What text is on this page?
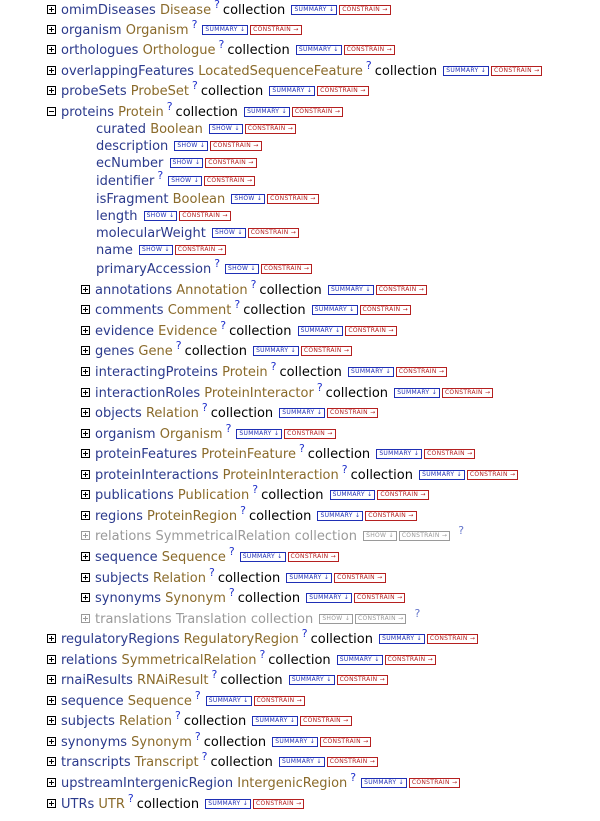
omimDiseases Disease ? collection SUMMARY ↓ CONSTRAIN →
organism Organism ? SUMMARY ↓ CONSTRAIN →
orthologues Orthologue ? collection SUMMARY ↓ CONSTRAIN →
overlappingFeatures LocatedSequenceFeature ? collection SUMMARY ↓ CONSTRAIN →
probeSets ProbeSet ? collection SUMMARY ↓ CONSTRAIN →
proteins Protein ? collection SUMMARY ↓ CONSTRAIN →
curated Boolean SHOW ↓ CONSTRAIN →
description SHOW ↓ CONSTRAIN →
ecNumber SHOW ↓ CONSTRAIN →
identifier ? SHOW ↓ CONSTRAIN →
isFragment Boolean SHOW ↓ CONSTRAIN →
length SHOW ↓ CONSTRAIN →
molecularWeight SHOW ↓ CONSTRAIN →
name SHOW ↓ CONSTRAIN →
primaryAccession ? SHOW ↓ CONSTRAIN →
annotations Annotation ? collection SUMMARY ↓ CONSTRAIN →
comments Comment ? collection SUMMARY ↓ CONSTRAIN →
evidence Evidence ? collection SUMMARY ↓ CONSTRAIN →
genes Gene ? collection SUMMARY ↓ CONSTRAIN →
interactingProteins Protein ? collection SUMMARY ↓ CONSTRAIN →
interactionRoles ProteinInteractor ? collection SUMMARY ↓ CONSTRAIN →
objects Relation ? collection SUMMARY ↓ CONSTRAIN →
organism Organism ? SUMMARY ↓ CONSTRAIN →
proteinFeatures ProteinFeature ? collection SUMMARY ↓ CONSTRAIN →
proteinInteractions ProteinInteraction ? collection SUMMARY ↓ CONSTRAIN →
publications Publication ? collection SUMMARY ↓ CONSTRAIN →
regions ProteinRegion ? collection SUMMARY ↓ CONSTRAIN →
relations SymmetricalRelation collection SHOW ↓ CONSTRAIN → ?
sequence Sequence ? SUMMARY ↓ CONSTRAIN →
subjects Relation ? collection SUMMARY ↓ CONSTRAIN →
synonyms Synonym ? collection SUMMARY ↓ CONSTRAIN →
translations Translation collection SHOW ↓ CONSTRAIN → ?
regulatoryRegions RegulatoryRegion ? collection SUMMARY ↓ CONSTRAIN →
relations SymmetricalRelation ? collection SUMMARY ↓ CONSTRAIN →
rnaiResults RNAiResult ? collection SUMMARY ↓ CONSTRAIN →
sequence Sequence ? SUMMARY ↓ CONSTRAIN →
subjects Relation ? collection SUMMARY ↓ CONSTRAIN →
synonyms Synonym ? collection SUMMARY ↓ CONSTRAIN →
transcripts Transcript ? collection SUMMARY ↓ CONSTRAIN →
upstreamIntergenicRegion IntergenicRegion ? SUMMARY ↓ CONSTRAIN →
UTRs UTR ? collection SUMMARY ↓ CONSTRAIN →
